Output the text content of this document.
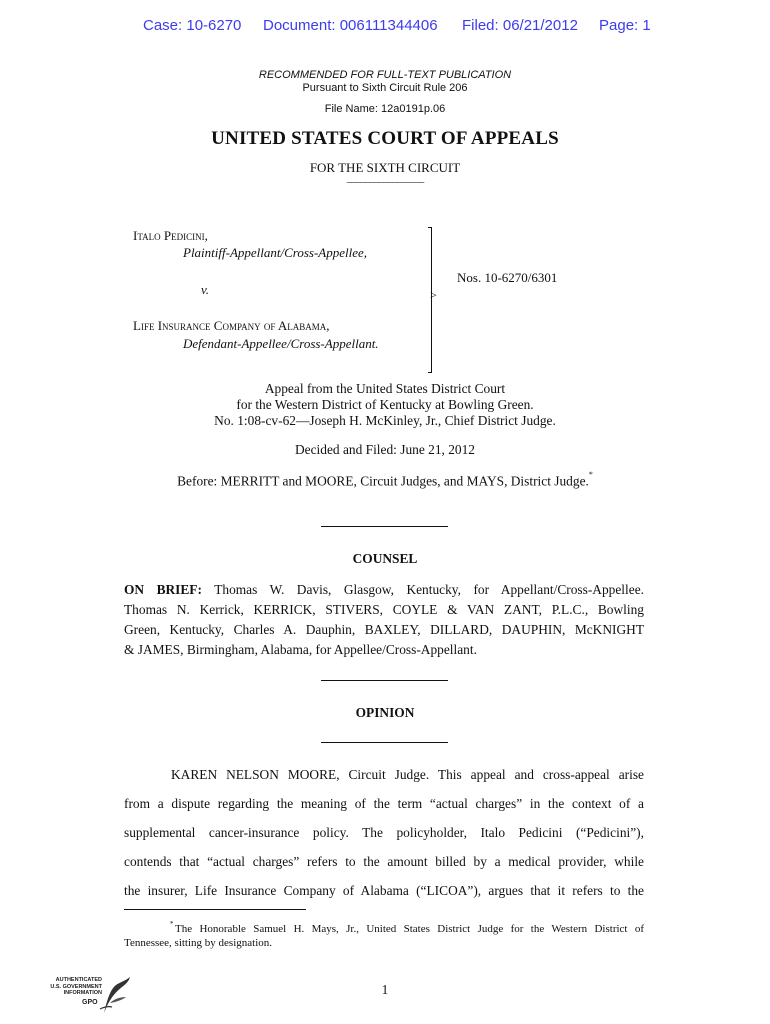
Case: 10-6270 Document: 006111344406 Filed: 06/21/2012 Page: 1
RECOMMENDED FOR FULL-TEXT PUBLICATION
Pursuant to Sixth Circuit Rule 206
File Name: 12a0191p.06
UNITED STATES COURT OF APPEALS
FOR THE SIXTH CIRCUIT
_________________
Italo Pedicini,
Plaintiff-Appellant/Cross-Appellee,
v.
Life Insurance Company of Alabama,
Defendant-Appellee/Cross-Appellant.
>
Nos. 10-6270/6301
Appeal from the United States District Court
for the Western District of Kentucky at Bowling Green.
No. 1:08-cv-62—Joseph H. McKinley, Jr., Chief District Judge.
Decided and Filed: June 21, 2012
Before: MERRITT and MOORE, Circuit Judges, and MAYS, District Judge.*
COUNSEL
ON BRIEF: Thomas W. Davis, Glasgow, Kentucky, for Appellant/Cross-Appellee.
Thomas N. Kerrick, KERRICK, STIVERS, COYLE & VAN ZANT, P.L.C., Bowling
Green, Kentucky, Charles A. Dauphin, BAXLEY, DILLARD, DAUPHIN, McKNIGHT
& JAMES, Birmingham, Alabama, for Appellee/Cross-Appellant.
OPINION
KAREN NELSON MOORE, Circuit Judge. This appeal and cross-appeal arise
from a dispute regarding the meaning of the term “actual charges” in the context of a
supplemental cancer-insurance policy. The policyholder, Italo Pedicini (“Pedicini”),
contends that “actual charges” refers to the amount billed by a medical provider, while
the insurer, Life Insurance Company of Alabama (“LICOA”), argues that it refers to the
* The Honorable Samuel H. Mays, Jr., United States District Judge for the Western District of
Tennessee, sitting by designation.
1
AUTHENTICATED
U.S. GOVERNMENT
INFORMATION
GPO
